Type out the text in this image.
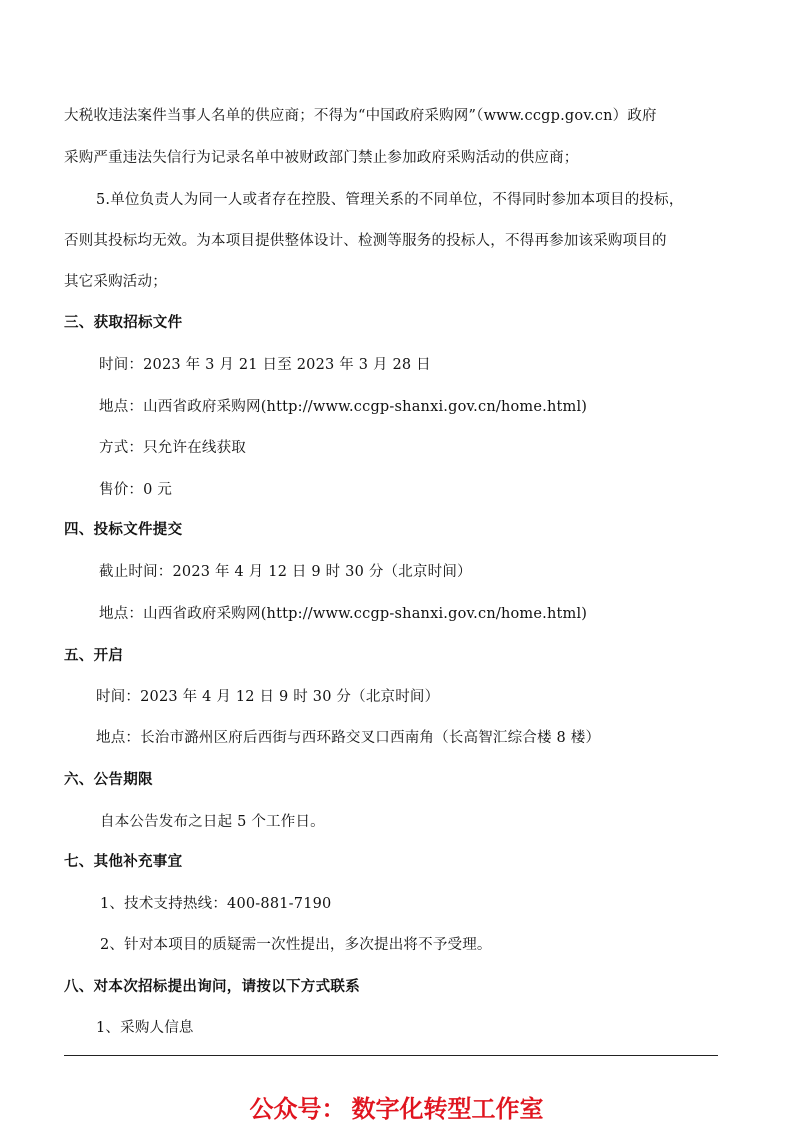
大税收违法案件当事人名单的供应商；不得为“中国政府采购网”（www.ccgp.gov.cn）政府
采购严重违法失信行为记录名单中被财政部门禁止参加政府采购活动的供应商；
5.单位负责人为同一人或者存在控股、管理关系的不同单位，不得同时参加本项目的投标，
否则其投标均无效。为本项目提供整体设计、检测等服务的投标人，不得再参加该采购项目的
其它采购活动；
三、获取招标文件
时间：2023 年 3 月 21 日至 2023 年 3 月 28 日
地点：山西省政府采购网(http://www.ccgp-shanxi.gov.cn/home.html)
方式：只允许在线获取
售价：0 元
四、投标文件提交
截止时间：2023 年 4 月 12 日 9 时 30 分（北京时间）
地点：山西省政府采购网(http://www.ccgp-shanxi.gov.cn/home.html)
五、开启
时间：2023 年 4 月 12 日 9 时 30 分（北京时间）
地点：长治市潞州区府后西街与西环路交叉口西南角（长高智汇综合楼 8 楼）
六、公告期限
自本公告发布之日起 5 个工作日。
七、其他补充事宜
1、技术支持热线：400-881-7190
2、针对本项目的质疑需一次性提出，多次提出将不予受理。
八、对本次招标提出询问，请按以下方式联系
1、采购人信息
公众号： 数字化转型工作室
